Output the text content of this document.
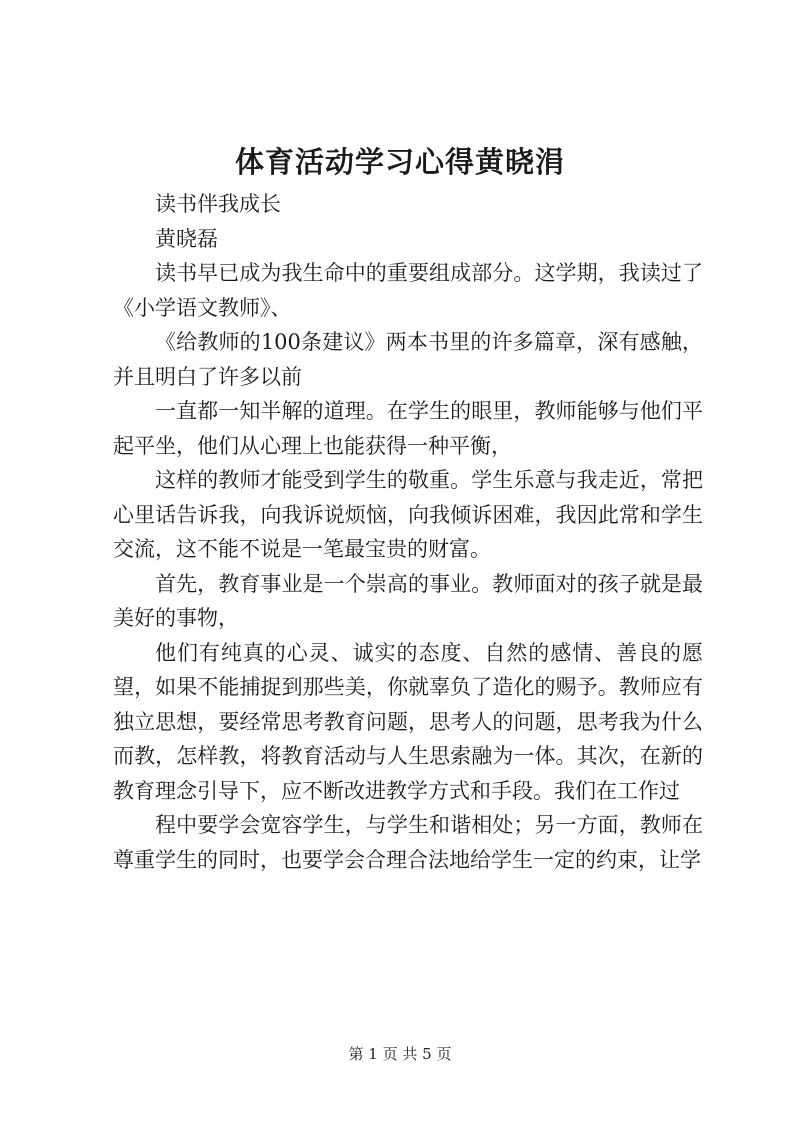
体育活动学习心得黄晓涓

读书伴我成长

黄晓磊

读书早已成为我生命中的重要组成部分。这学期，我读过了《小学语文教师》、

《给教师的100条建议》两本书里的许多篇章，深有感触，并且明白了许多以前

一直都一知半解的道理。在学生的眼里，教师能够与他们平起平坐，他们从心理上也能获得一种平衡，

这样的教师才能受到学生的敬重。学生乐意与我走近，常把心里话告诉我，向我诉说烦恼，向我倾诉困难，我因此常和学生交流，这不能不说是一笔最宝贵的财富。

首先，教育事业是一个崇高的事业。教师面对的孩子就是最美好的事物，

他们有纯真的心灵、诚实的态度、自然的感情、善良的愿望，如果不能捕捉到那些美，你就辜负了造化的赐予。教师应有独立思想，要经常思考教育问题，思考人的问题，思考我为什么而教，怎样教，将教育活动与人生思索融为一体。其次，在新的教育理念引导下，应不断改进教学方式和手段。我们在工作过

程中要学会宽容学生，与学生和谐相处；另一方面，教师在尊重学生的同时，也要学会合理合法地给学生一定的约束，让学

第 1 页 共 5 页
